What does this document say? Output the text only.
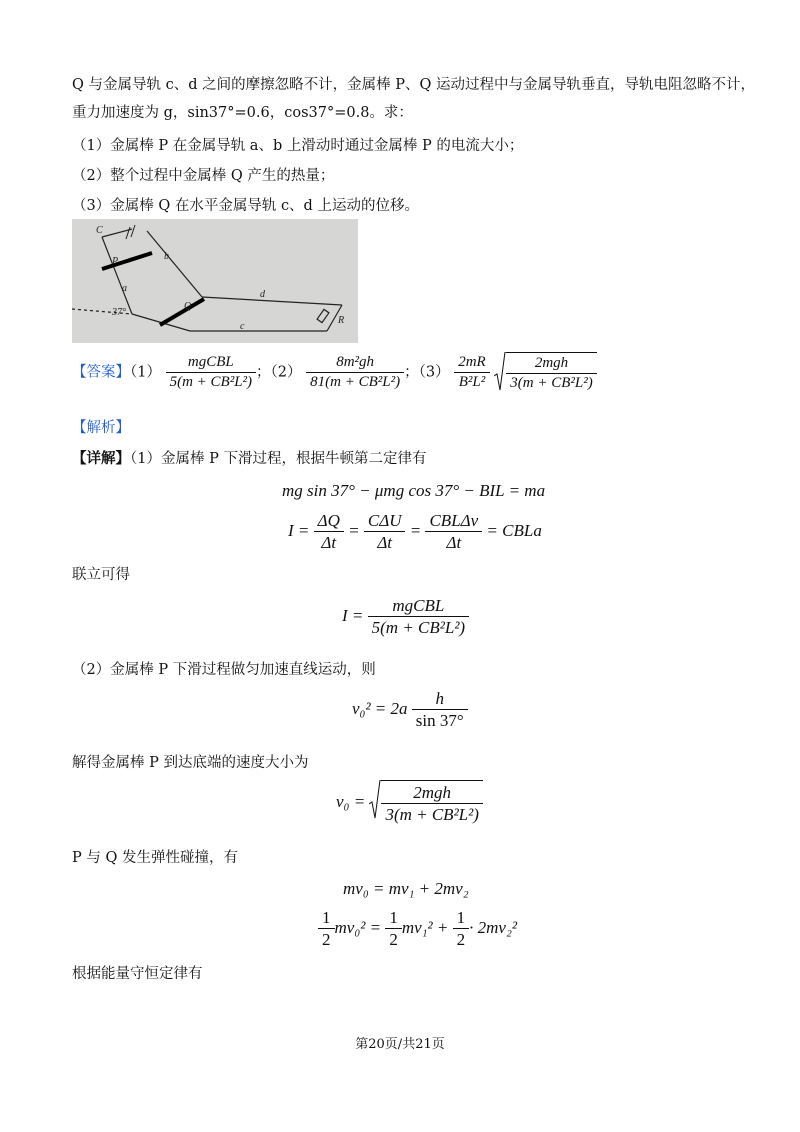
Q 与金属导轨 c、d 之间的摩擦忽略不计，金属棒 P、Q 运动过程中与金属导轨垂直，导轨电阻忽略不计，
重力加速度为 g，sin37°=0.6，cos37°=0.8。求：
（1）金属棒 P 在金属导轨 a、b 上滑动时通过金属棒 P 的电流大小；
（2）整个过程中金属棒 Q 产生的热量；
（3）金属棒 Q 在水平金属导轨 c、d 上运动的位移。
C
P	b
a
37°
Q
d
c
R
【答案】$(1) \frac{\text{mgCBL}}{\text{5(m + CB²L²)}}$ ；$(2) \frac{\text{8m²gh}}{\text{81(m + CB²L²)}}$ ；$(3) \frac{2mR}{\text{B²L²}}$
$\frac{\text{2mgh}}{\text{3(m + CB²L²)}}$
【解析】
【详解】（1）金属棒 P 下滑过程，根据牛顿第二定律有
mg sin 37° − μmg cos 37° − BIL = ma
$I = \frac{\Delta Q}{\Delta t} = \frac{\text{CΔU}}{\Delta t} = \frac{\text{CBLΔv}}{\Delta t}$ = CBLa
联立可得
$I = \frac{\text{mgCBL}}{\text{5(m + CB²L²)}}$
（2）金属棒 P 下滑过程做匀加速直线运动，则
$v_0^2 = 2a \frac{h}{\sin 37^\circ}$
解得金属棒 P 到达底端的速度大小为
$v_0 = \frac{\text{2mgh}}{\text{3(m + CB²L²)}}$
P 与 Q 发生弹性碰撞，有
mv₀ = mv₁ + 2mv₂
$\frac{1}{2} mv_0^2 = \frac{1}{2} mv_1^2 + \frac{1}{2} \cdot 2mv_2^2$
根据能量守恒定律有
第20页/共21页
